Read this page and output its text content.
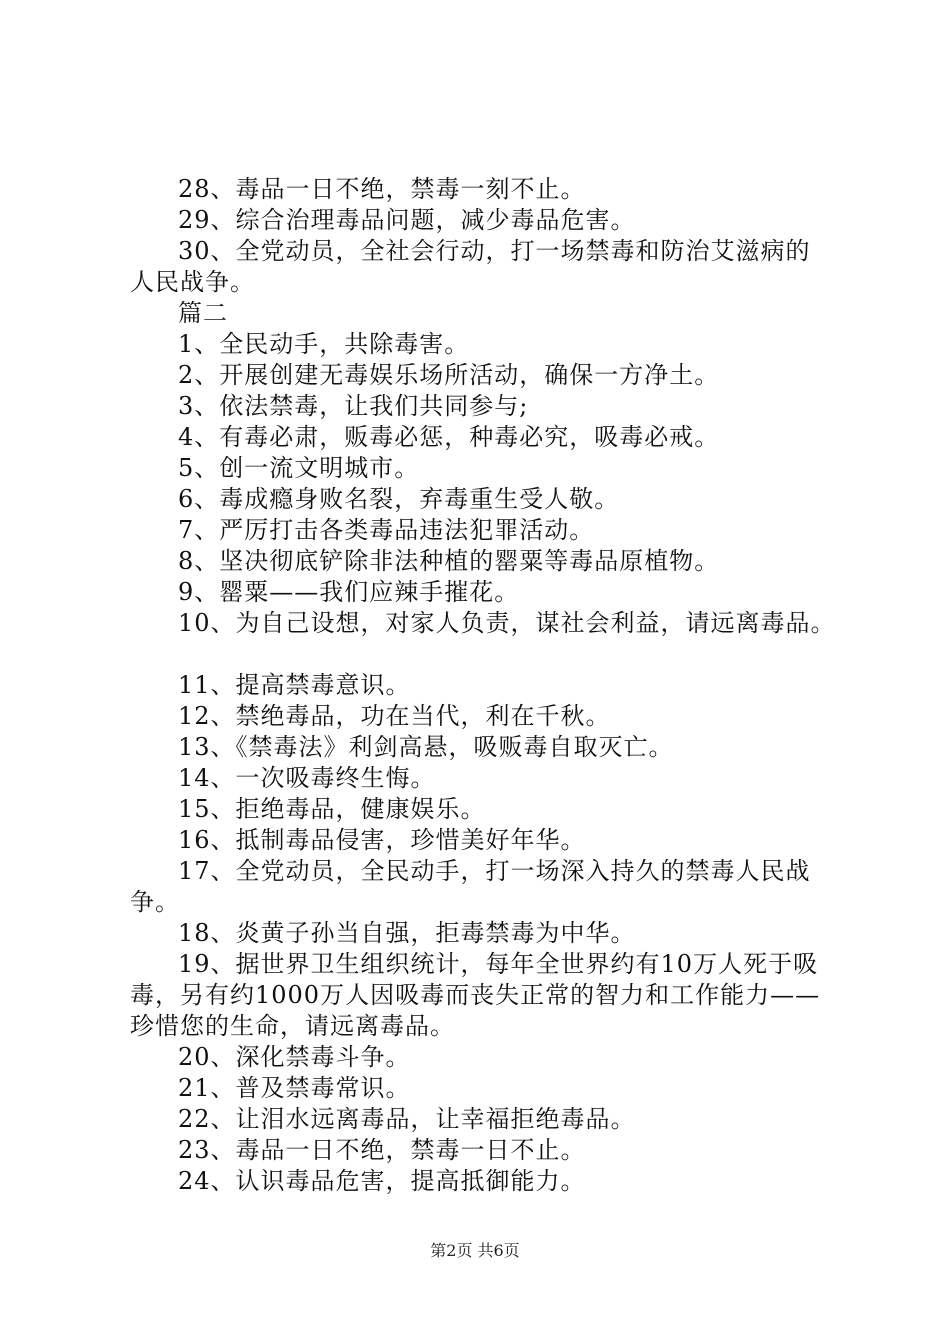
28、毒品一日不绝，禁毒一刻不止。
29、综合治理毒品问题，减少毒品危害。
30、全党动员，全社会行动，打一场禁毒和防治艾滋病的
人民战争。
篇二
1、全民动手，共除毒害。
2、开展创建无毒娱乐场所活动，确保一方净土。
3、依法禁毒，让我们共同参与;
4、有毒必肃，贩毒必惩，种毒必究，吸毒必戒。
5、创一流文明城市。
6、毒成瘾身败名裂，弃毒重生受人敬。
7、严厉打击各类毒品违法犯罪活动。
8、坚决彻底铲除非法种植的罂粟等毒品原植物。
9、罂粟——我们应辣手摧花。
10、为自己设想，对家人负责，谋社会利益，请远离毒品。
11、提高禁毒意识。
12、禁绝毒品，功在当代，利在千秋。
13、《禁毒法》利剑高悬，吸贩毒自取灭亡。
14、一次吸毒终生悔。
15、拒绝毒品，健康娱乐。
16、抵制毒品侵害，珍惜美好年华。
17、全党动员，全民动手，打一场深入持久的禁毒人民战
争。
18、炎黄子孙当自强，拒毒禁毒为中华。
19、据世界卫生组织统计，每年全世界约有10万人死于吸
毒，另有约1000万人因吸毒而丧失正常的智力和工作能力——
珍惜您的生命，请远离毒品。
20、深化禁毒斗争。
21、普及禁毒常识。
22、让泪水远离毒品，让幸福拒绝毒品。
23、毒品一日不绝，禁毒一日不止。
24、认识毒品危害，提高抵御能力。
第2页 共6页
